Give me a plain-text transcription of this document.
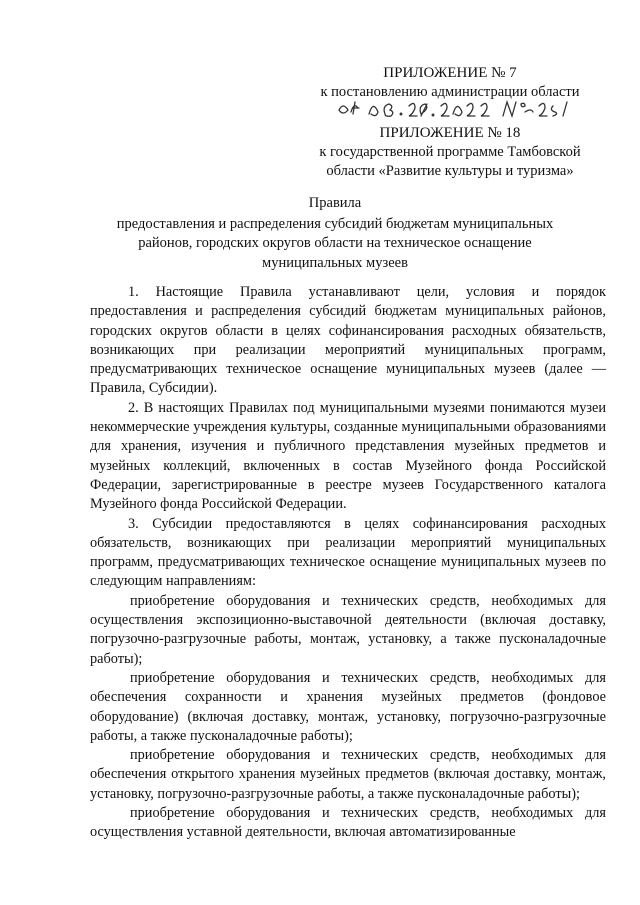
ПРИЛОЖЕНИЕ № 7
к постановлению администрации области
ПРИЛОЖЕНИЕ № 18
к государственной программе Тамбовской
области «Развитие культуры и туризма»
Правила
предоставления и распределения субсидий бюджетам муниципальных
районов, городских округов области на техническое оснащение
муниципальных музеев

1. Настоящие Правила устанавливают цели, условия и порядок предоставления и распределения субсидий бюджетам муниципальных районов, городских округов области в целях софинансирования расходных обязательств, возникающих при реализации мероприятий муниципальных программ, предусматривающих техническое оснащение муниципальных музеев (далее — Правила, Субсидии).

2. В настоящих Правилах под муниципальными музеями понимаются музеи некоммерческие учреждения культуры, созданные муниципальными образованиями для хранения, изучения и публичного представления музейных предметов и музейных коллекций, включенных в состав Музейного фонда Российской Федерации, зарегистрированные в реестре музеев Государственного каталога Музейного фонда Российской Федерации.

3. Субсидии предоставляются в целях софинансирования расходных обязательств, возникающих при реализации мероприятий муниципальных программ, предусматривающих техническое оснащение муниципальных музеев по следующим направлениям:

приобретение оборудования и технических средств, необходимых для осуществления экспозиционно-выставочной деятельности (включая доставку, погрузочно-разгрузочные работы, монтаж, установку, а также пусконаладочные работы);

приобретение оборудования и технических средств, необходимых для обеспечения сохранности и хранения музейных предметов (фондовое оборудование) (включая доставку, монтаж, установку, погрузочно-разгрузочные работы, а также пусконаладочные работы);

приобретение оборудования и технических средств, необходимых для обеспечения открытого хранения музейных предметов (включая доставку, монтаж, установку, погрузочно-разгрузочные работы, а также пусконаладочные работы);

приобретение оборудования и технических средств, необходимых для осуществления уставной деятельности, включая автоматизированные
